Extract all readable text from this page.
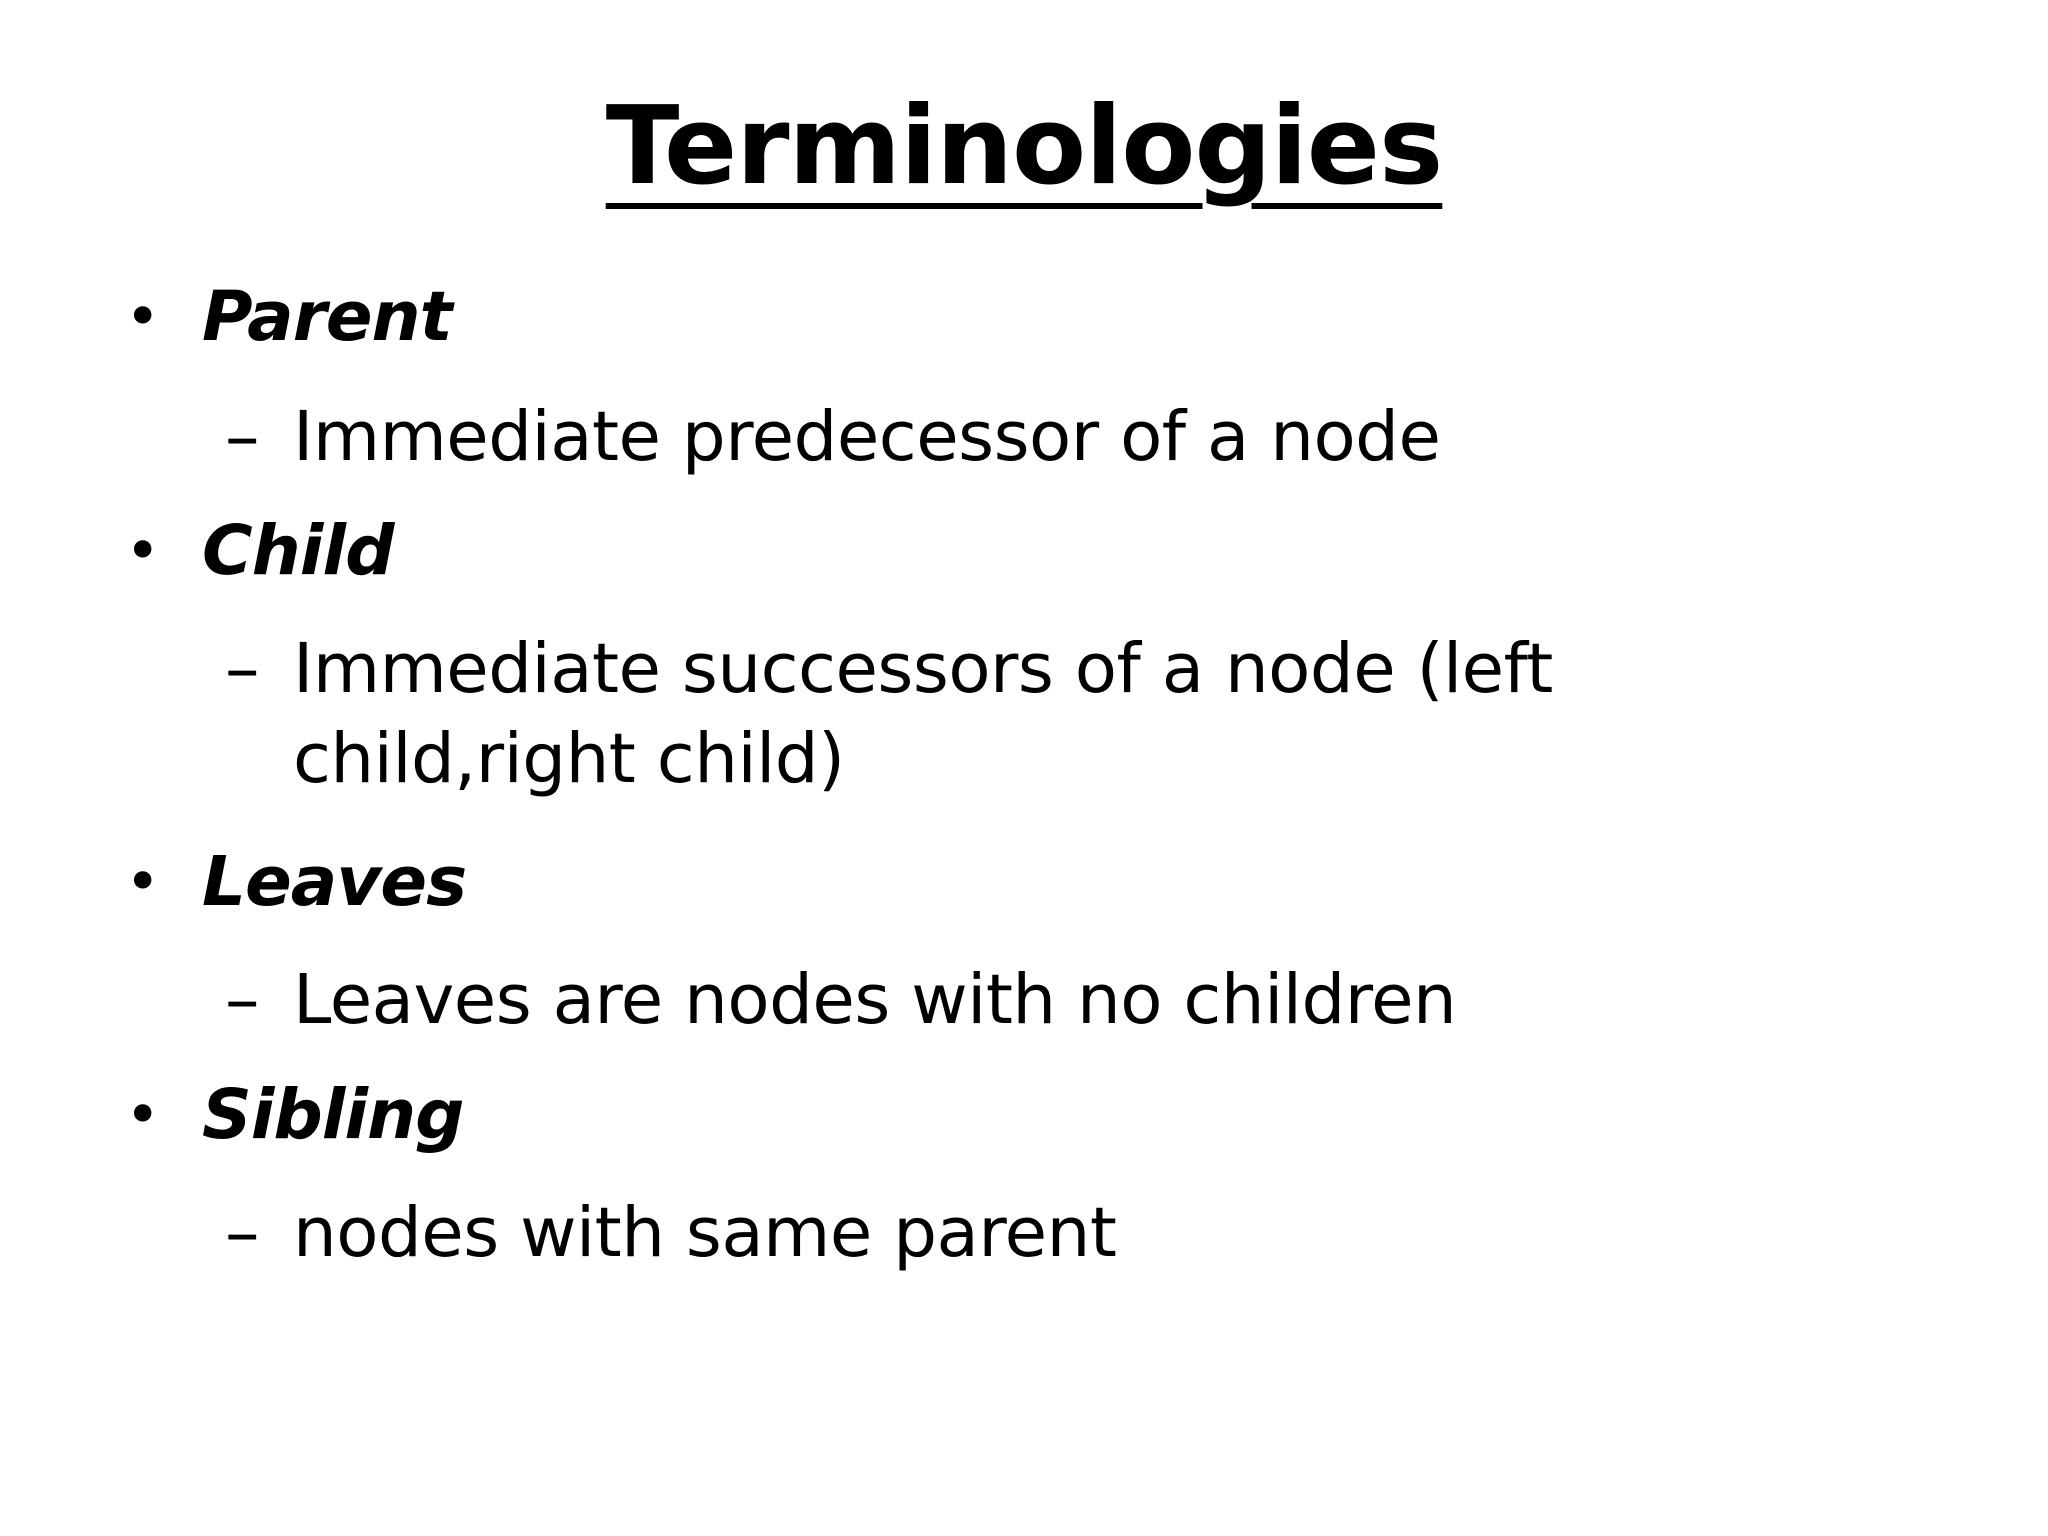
Terminologies
• Parent
– Immediate predecessor of a node
• Child
– Immediate successors of a node (left child,right child)
• Leaves
– Leaves are nodes with no children
• Sibling
– nodes with same parent
